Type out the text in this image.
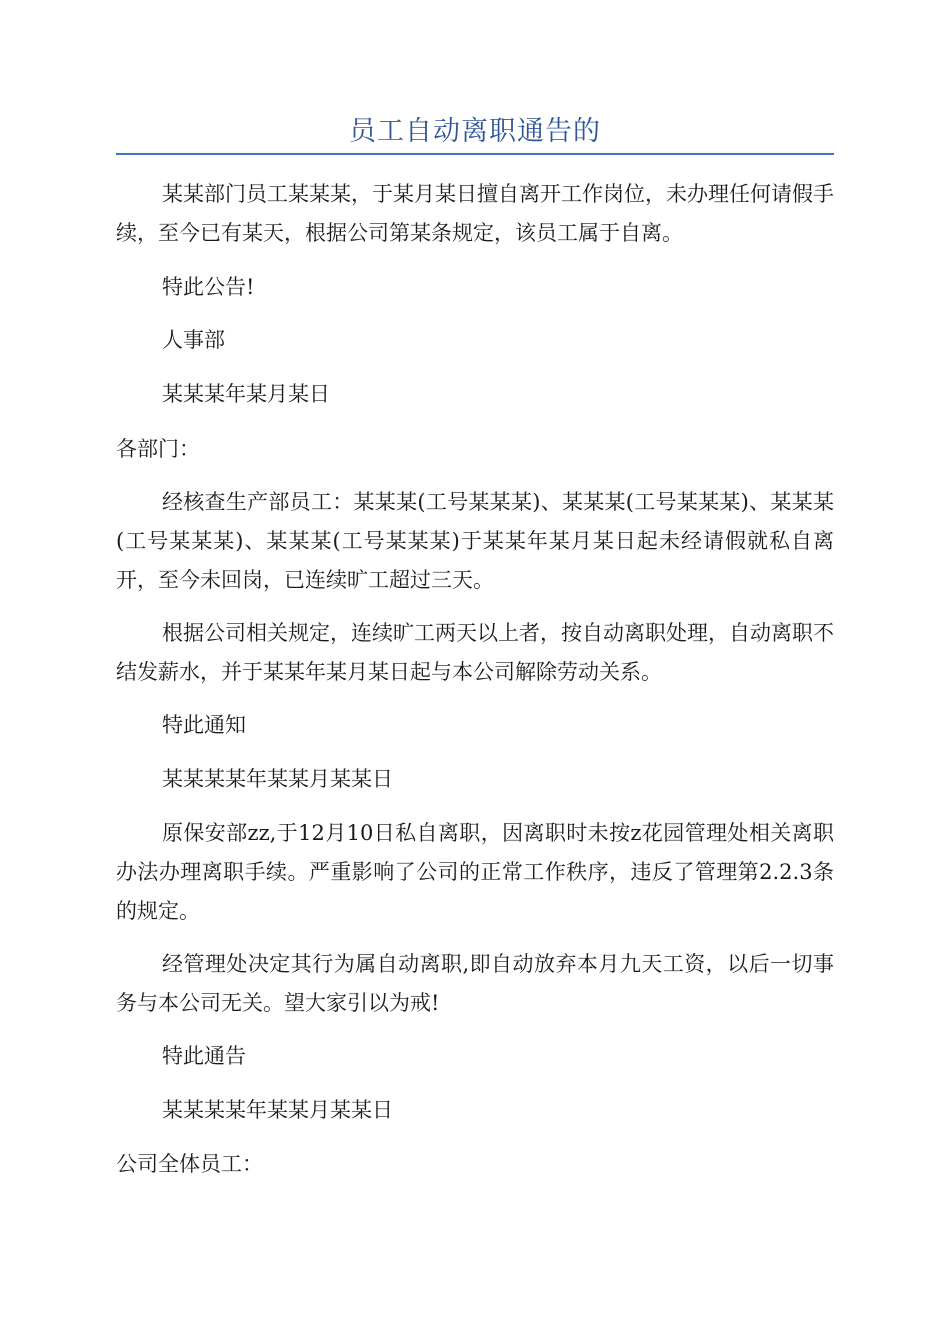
员工自动离职通告的

某某部门员工某某某，于某月某日擅自离开工作岗位，未办理任何请假手续，至今已有某天，根据公司第某条规定，该员工属于自离。

特此公告!

人事部

某某某年某月某日

各部门：

经核查生产部员工：某某某(工号某某某)、某某某(工号某某某)、某某某(工号某某某)、某某某(工号某某某)于某某年某月某日起未经请假就私自离开，至今未回岗，已连续旷工超过三天。

根据公司相关规定，连续旷工两天以上者，按自动离职处理，自动离职不结发薪水，并于某某年某月某日起与本公司解除劳动关系。

特此通知

某某某某年某某月某某日

原保安部zz,于12月10日私自离职，因离职时未按z花园管理处相关离职办法办理离职手续。严重影响了公司的正常工作秩序，违反了管理第2.2.3条的规定。

经管理处决定其行为属自动离职,即自动放弃本月九天工资，以后一切事务与本公司无关。望大家引以为戒!

特此通告

某某某某年某某月某某日

公司全体员工：
